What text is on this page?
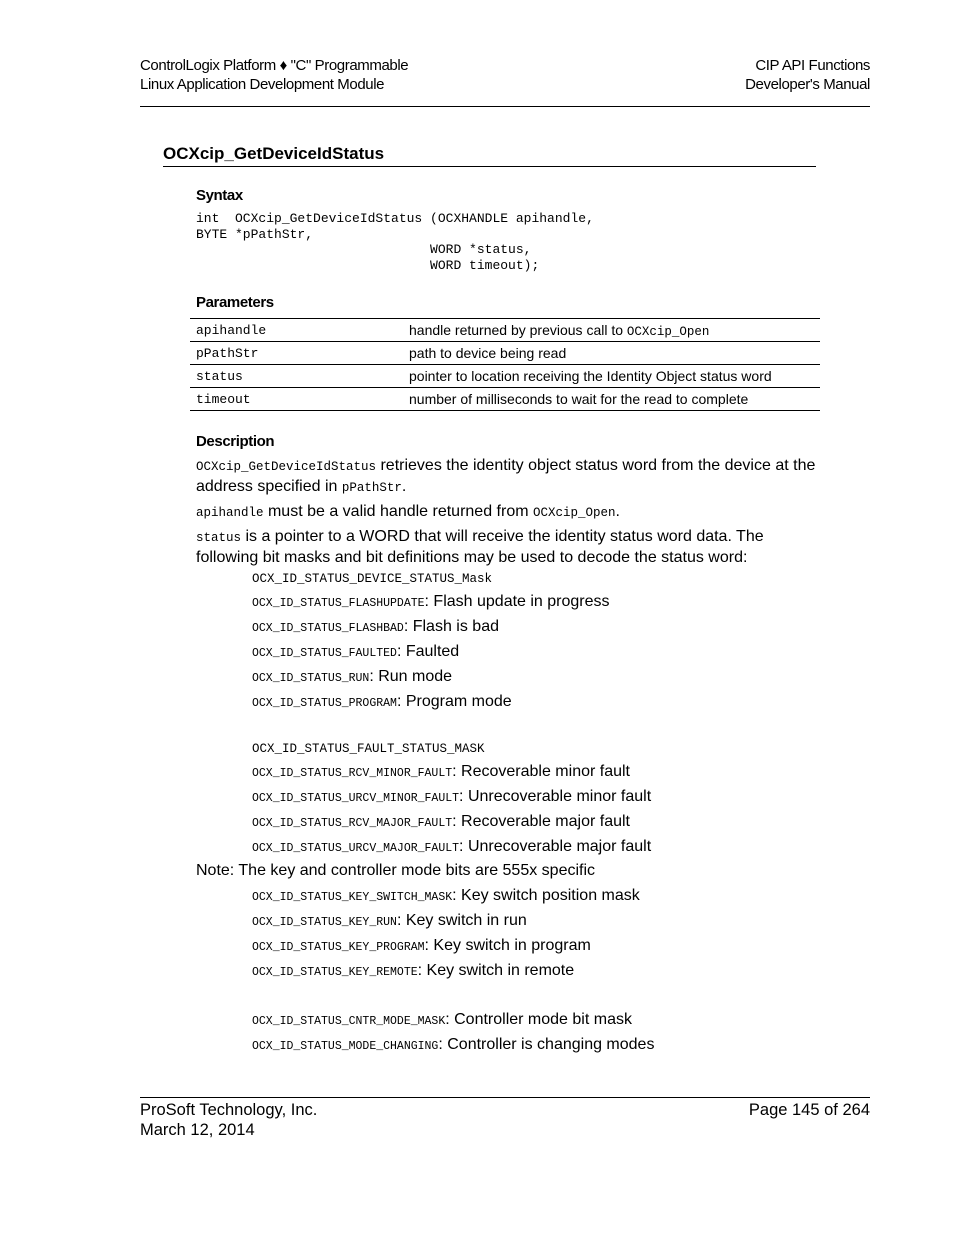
ControlLogix Platform ♦ "C" Programmable
Linux Application Development Module
CIP API Functions
Developer's Manual
OCXcip_GetDeviceIdStatus
Syntax
int  OCXcip_GetDeviceIdStatus (OCXHANDLE apihandle,
BYTE *pPathStr,
WORD *status,
WORD timeout);
Parameters
apihandle	handle returned by previous call to OCXcip_Open
pPathStr	path to device being read
status	pointer to location receiving the Identity Object status word
timeout	number of milliseconds to wait for the read to complete
Description
OCXcip_GetDeviceIdStatus retrieves the identity object status word from the device at the address specified in pPathStr.
apihandle must be a valid handle returned from OCXcip_Open.
status is a pointer to a WORD that will receive the identity status word data. The following bit masks and bit definitions may be used to decode the status word:
OCX_ID_STATUS_DEVICE_STATUS_Mask
OCX_ID_STATUS_FLASHUPDATE: Flash update in progress
OCX_ID_STATUS_FLASHBAD: Flash is bad
OCX_ID_STATUS_FAULTED: Faulted
OCX_ID_STATUS_RUN: Run mode
OCX_ID_STATUS_PROGRAM: Program mode
OCX_ID_STATUS_FAULT_STATUS_MASK
OCX_ID_STATUS_RCV_MINOR_FAULT: Recoverable minor fault
OCX_ID_STATUS_URCV_MINOR_FAULT: Unrecoverable minor fault
OCX_ID_STATUS_RCV_MAJOR_FAULT: Recoverable major fault
OCX_ID_STATUS_URCV_MAJOR_FAULT: Unrecoverable major fault
Note: The key and controller mode bits are 555x specific
OCX_ID_STATUS_KEY_SWITCH_MASK: Key switch position mask
OCX_ID_STATUS_KEY_RUN: Key switch in run
OCX_ID_STATUS_KEY_PROGRAM: Key switch in program
OCX_ID_STATUS_KEY_REMOTE: Key switch in remote
OCX_ID_STATUS_CNTR_MODE_MASK: Controller mode bit mask
OCX_ID_STATUS_MODE_CHANGING: Controller is changing modes
ProSoft Technology, Inc.
March 12, 2014
Page 145 of 264
